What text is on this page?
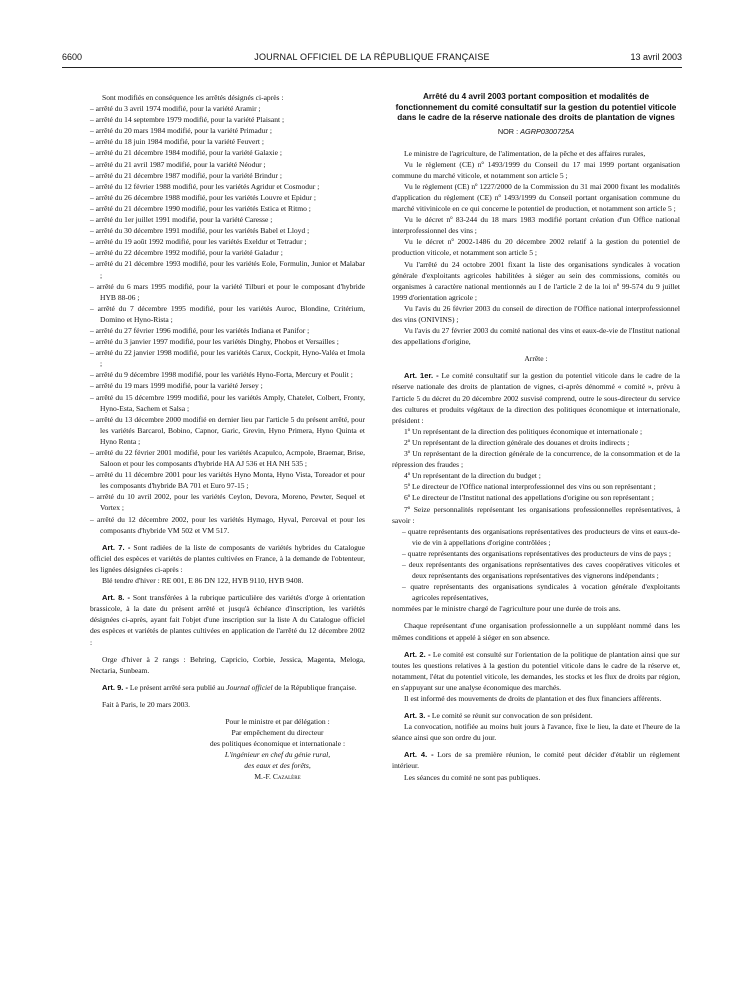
6600	JOURNAL OFFICIEL DE LA RÉPUBLIQUE FRANÇAISE	13 avril 2003

Sont modifiés en conséquence les arrêtés désignés ci-après :

– arrêté du 3 avril 1974 modifié, pour la variété Aramir ;
– arrêté du 14 septembre 1979 modifié, pour la variété Plaisant ;
– arrêté du 20 mars 1984 modifié, pour la variété Primadur ;
– arrêté du 18 juin 1984 modifié, pour la variété Feuvert ;
– arrêté du 21 décembre 1984 modifié, pour la variété Galaxie ;
– arrêté du 21 avril 1987 modifié, pour la variété Néodur ;
– arrêté du 21 décembre 1987 modifié, pour la variété Brindur ;
– arrêté du 12 février 1988 modifié, pour les variétés Agridur et Cosmodur ;
– arrêté du 26 décembre 1988 modifié, pour les variétés Louvre et Epidur ;
– arrêté du 21 décembre 1990 modifié, pour les variétés Estica et Ritmo ;
– arrêté du 1er juillet 1991 modifié, pour la variété Caresse ;
– arrêté du 30 décembre 1991 modifié, pour les variétés Babel et Lloyd ;
– arrêté du 19 août 1992 modifié, pour les variétés Exeldur et Tetradur ;
– arrêté du 22 décembre 1992 modifié, pour la variété Galadur ;
– arrêté du 21 décembre 1993 modifié, pour les variétés Eole, Formulin, Junior et Malabar ;
– arrêté du 6 mars 1995 modifié, pour la variété Tilburi et pour le composant d'hybride HYB 88-06 ;
– arrêté du 7 décembre 1995 modifié, pour les variétés Auroc, Blondine, Critérium, Domino et Hyno-Rista ;
– arrêté du 27 février 1996 modifié, pour les variétés Indiana et Panifor ;
– arrêté du 3 janvier 1997 modifié, pour les variétés Dinghy, Phobos et Versailles ;
– arrêté du 22 janvier 1998 modifié, pour les variétés Carux, Cockpit, Hyno-Valéa et Imola ;
– arrêté du 9 décembre 1998 modifié, pour les variétés Hyno-Forta, Mercury et Poulit ;
– arrêté du 19 mars 1999 modifié, pour la variété Jersey ;
– arrêté du 15 décembre 1999 modifié, pour les variétés Amply, Chatelet, Colbert, Fronty, Hyno-Esta, Sachem et Salsa ;
– arrêté du 13 décembre 2000 modifié en dernier lieu par l'article 5 du présent arrêté, pour les variétés Barcarol, Bobino, Capnor, Garic, Grevin, Hyno Primera, Hyno Quinta et Hyno Renta ;
– arrêté du 22 février 2001 modifié, pour les variétés Acapulco, Acmpole, Braemar, Brise, Saloon et pour les composants d'hybride HA AJ 536 et HA NH 535 ;
– arrêté du 11 décembre 2001 pour les variétés Hyno Monta, Hyno Vista, Toreador et pour les composants d'hybride BA 701 et Euro 97-15 ;
– arrêté du 10 avril 2002, pour les variétés Ceylon, Devora, Moreno, Pewter, Sequel et Vortex ;
– arrêté du 12 décembre 2002, pour les variétés Hymago, Hyval, Perceval et pour les composants d'hybride VM 502 et VM 517.

Art. 7. - Sont radiées de la liste de composants de variétés hybrides du Catalogue officiel des espèces et variétés de plantes cultivées en France, à la demande de l'obtenteur, les lignées désignées ci-après :

Blé tendre d'hiver : RE 001, E 86 DN 122, HYB 9110, HYB 9408.

Art. 8. - Sont transférées à la rubrique particulière des variétés d'orge à orientation brassicole, à la date du présent arrêté et jusqu'à échéance d'inscription, les variétés désignées ci-après, ayant fait l'objet d'une inscription sur la liste A du Catalogue officiel des espèces et variétés de plantes cultivées en application de l'arrêté du 12 décembre 2002 :

Orge d'hiver à 2 rangs : Behring, Capricio, Corbie, Jessica, Magenta, Meloga, Nectaria, Sunbeam.

Art. 9. - Le présent arrêté sera publié au Journal officiel de la République française.

Fait à Paris, le 20 mars 2003.

Pour le ministre et par délégation :
Par empêchement du directeur
des politiques économique et internationale :
L'ingénieur en chef du génie rural,
des eaux et des forêts,
M.-F. Cazalère
Arrêté du 4 avril 2003 portant composition et modalités de fonctionnement du comité consultatif sur la gestion du potentiel viticole dans le cadre de la réserve nationale des droits de plantation de vignes
NOR : AGRP0300725A

Le ministre de l'agriculture, de l'alimentation, de la pêche et des affaires rurales,

Vu le règlement (CE) nº 1493/1999 du Conseil du 17 mai 1999 portant organisation commune du marché viticole, et notamment son article 5 ;

Vu le règlement (CE) nº 1227/2000 de la Commission du 31 mai 2000 fixant les modalités d'application du règlement (CE) nº 1493/1999 du Conseil portant organisation commune du marché vitivinicole en ce qui concerne le potentiel de production, et notamment son article 5 ;

Vu le décret nº 83-244 du 18 mars 1983 modifié portant création d'un Office national interprofessionnel des vins ;

Vu le décret nº 2002-1486 du 20 décembre 2002 relatif à la gestion du potentiel de production viticole, et notamment son article 5 ;

Vu l'arrêté du 24 octobre 2001 fixant la liste des organisations syndicales à vocation générale d'exploitants agricoles habilitées à siéger au sein des commissions, comités ou organismes à caractère national mentionnés au I de l'article 2 de la loi nº 99-574 du 9 juillet 1999 d'orientation agricole ;

Vu l'avis du 26 février 2003 du conseil de direction de l'Office national interprofessionnel des vins (ONIVINS) ;

Vu l'avis du 27 février 2003 du comité national des vins et eaux-de-vie de l'Institut national des appellations d'origine,

Arrête :

Art. 1er. - Le comité consultatif sur la gestion du potentiel viticole dans le cadre de la réserve nationale des droits de plantation de vignes, ci-après dénommé « comité », prévu à l'article 5 du décret du 20 décembre 2002 susvisé comprend, outre le sous-directeur du service des cultures et produits végétaux de la direction des politiques économique et internationale, président :

1º Un représentant de la direction des politiques économique et internationale ;

2º Un représentant de la direction générale des douanes et droits indirects ;

3º Un représentant de la direction générale de la concurrence, de la consommation et de la répression des fraudes ;

4º Un représentant de la direction du budget ;

5º Le directeur de l'Office national interprofessionnel des vins ou son représentant ;

6º Le directeur de l'Institut national des appellations d'origine ou son représentant ;

7º Seize personnalités représentant les organisations professionnelles représentatives, à savoir :

– quatre représentants des organisations représentatives des producteurs de vins et eaux-de-vie de vin à appellations d'origine contrôlées ;
– quatre représentants des organisations représentatives des producteurs de vins de pays ;
– deux représentants des organisations représentatives des caves coopératives viticoles et deux représentants des organisations représentatives des vignerons indépendants ;
– quatre représentants des organisations syndicales à vocation générale d'exploitants agricoles représentatives,

nommées par le ministre chargé de l'agriculture pour une durée de trois ans.

Chaque représentant d'une organisation professionnelle a un suppléant nommé dans les mêmes conditions et appelé à siéger en son absence.

Art. 2. - Le comité est consulté sur l'orientation de la politique de plantation ainsi que sur toutes les questions relatives à la gestion du potentiel viticole dans le cadre de la réserve et, notamment, l'état du potentiel viticole, les demandes, les stocks et les flux de droits par région, en s'appuyant sur une analyse économique des marchés.

Il est informé des mouvements de droits de plantation et des flux financiers afférents.

Art. 3. - Le comité se réunit sur convocation de son président.

La convocation, notifiée au moins huit jours à l'avance, fixe le lieu, la date et l'heure de la séance ainsi que son ordre du jour.

Art. 4. - Lors de sa première réunion, le comité peut décider d'établir un règlement intérieur.

Les séances du comité ne sont pas publiques.
